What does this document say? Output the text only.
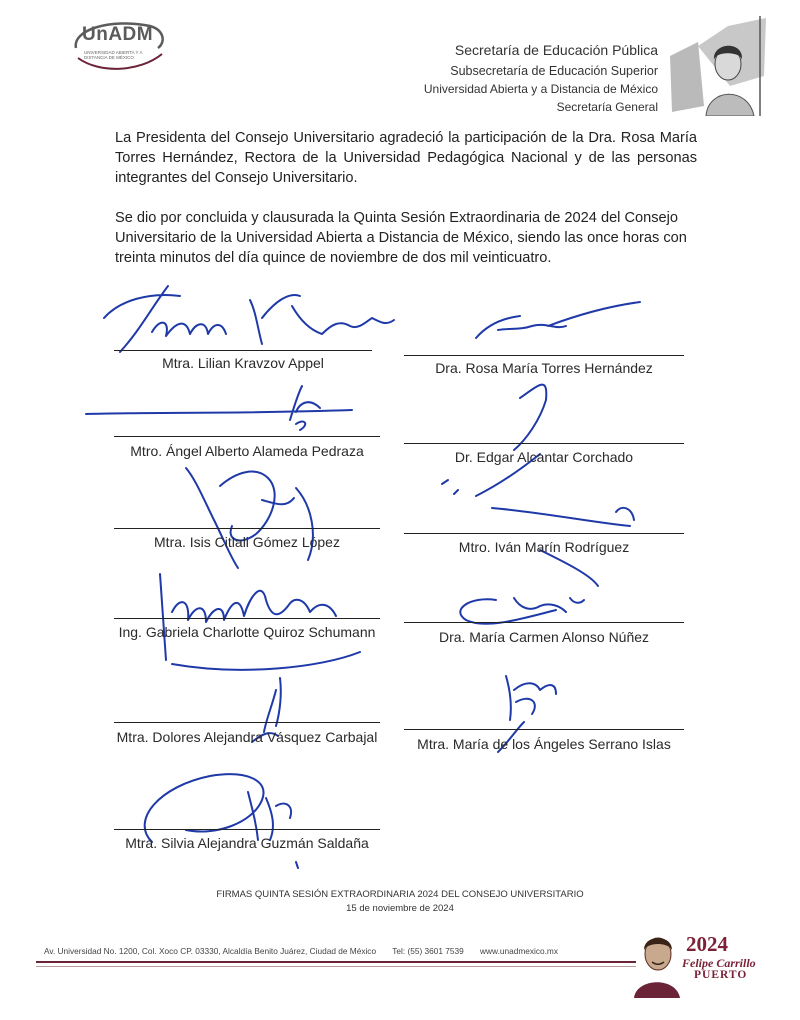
UnADM
UNIVERSIDAD ABIERTA Y A DISTANCIA DE MÉXICO	Secretaría de Educación Pública
Subsecretaría de Educación Superior
Universidad Abierta y a Distancia de México
Secretaría General
La Presidenta del Consejo Universitario agradeció la participación de la Dra. Rosa María Torres Hernández, Rectora de la Universidad Pedagógica Nacional y de las personas integrantes del Consejo Universitario.
Se dio por concluida y clausurada la Quinta Sesión Extraordinaria de 2024 del Consejo Universitario de la Universidad Abierta a Distancia de México, siendo las once horas con treinta minutos del día quince de noviembre de dos mil veinticuatro.
Mtra. Lilian Kravzov Appel	Dra. Rosa María Torres Hernández
Mtro. Ángel Alberto Alameda Pedraza	Dr. Edgar Alcantar Corchado
Mtra. Isis Citlali Gómez López	Mtro. Iván Marín Rodríguez
Ing. Gabriela Charlotte Quiroz Schumann	Dra. María Carmen Alonso Núñez
Mtra. Dolores Alejandra Vásquez Carbajal	Mtra. María de los Ángeles Serrano Islas
Mtra. Silvia Alejandra Guzmán Saldaña
FIRMAS QUINTA SESIÓN EXTRAORDINARIA 2024 DEL CONSEJO UNIVERSITARIO
15 de noviembre de 2024
Av. Universidad No. 1200, Col. Xoco CP. 03330, Alcaldía Benito Juárez, Ciudad de México Tel: (55) 3601 7539 www.unadmexico.mx	2024
Felipe Carrillo
PUERTO
